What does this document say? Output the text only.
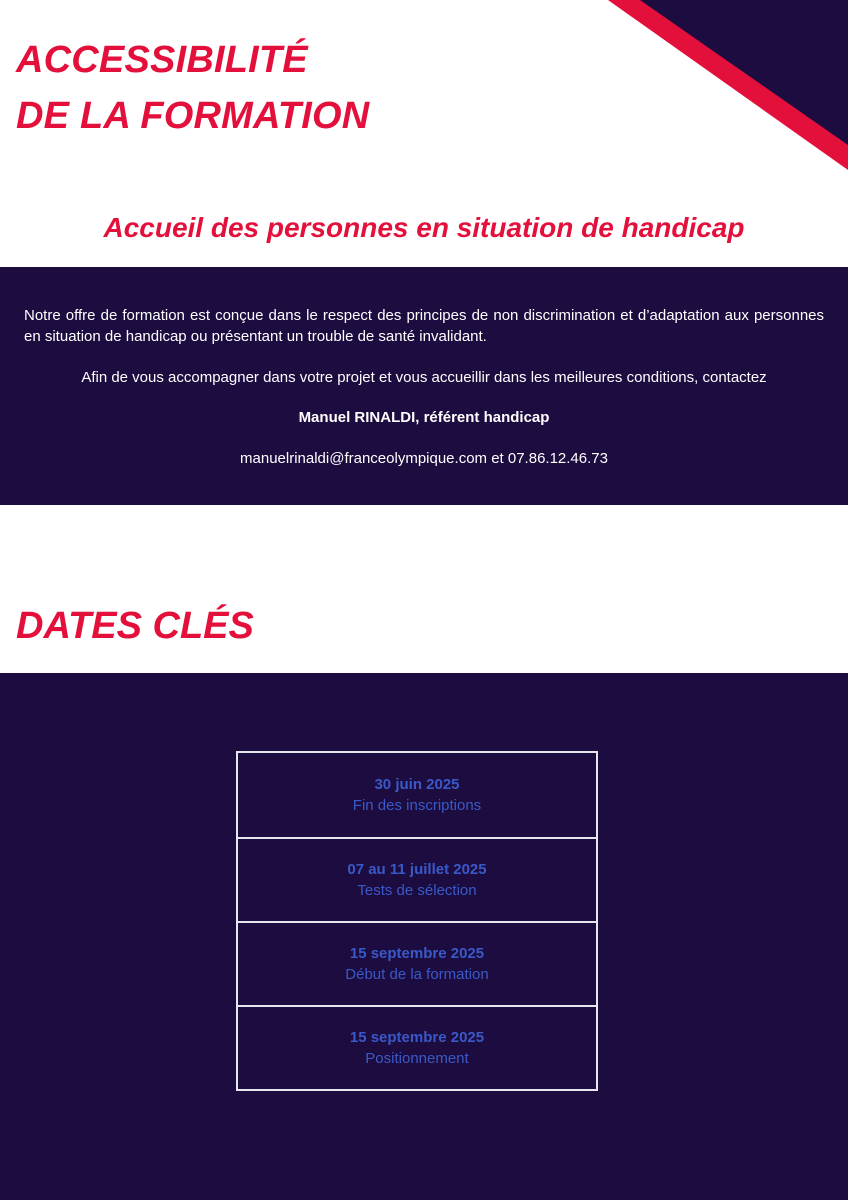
ACCESSIBILITÉ
DE LA FORMATION
Accueil des personnes en situation de handicap

Notre offre de formation est conçue dans le respect des principes de non discrimination et d’adaptation aux personnes en situation de handicap ou présentant un trouble de santé invalidant.

Afin de vous accompagner dans votre projet et vous accueillir dans les meilleures conditions, contactez

Manuel RINALDI, référent handicap

manuelrinaldi@franceolympique.com et 07.86.12.46.73

DATES CLÉS
30 juin 2025
Fin des inscriptions
07 au 11 juillet 2025
Tests de sélection
15 septembre 2025
Début de la formation
15 septembre 2025
Positionnement
